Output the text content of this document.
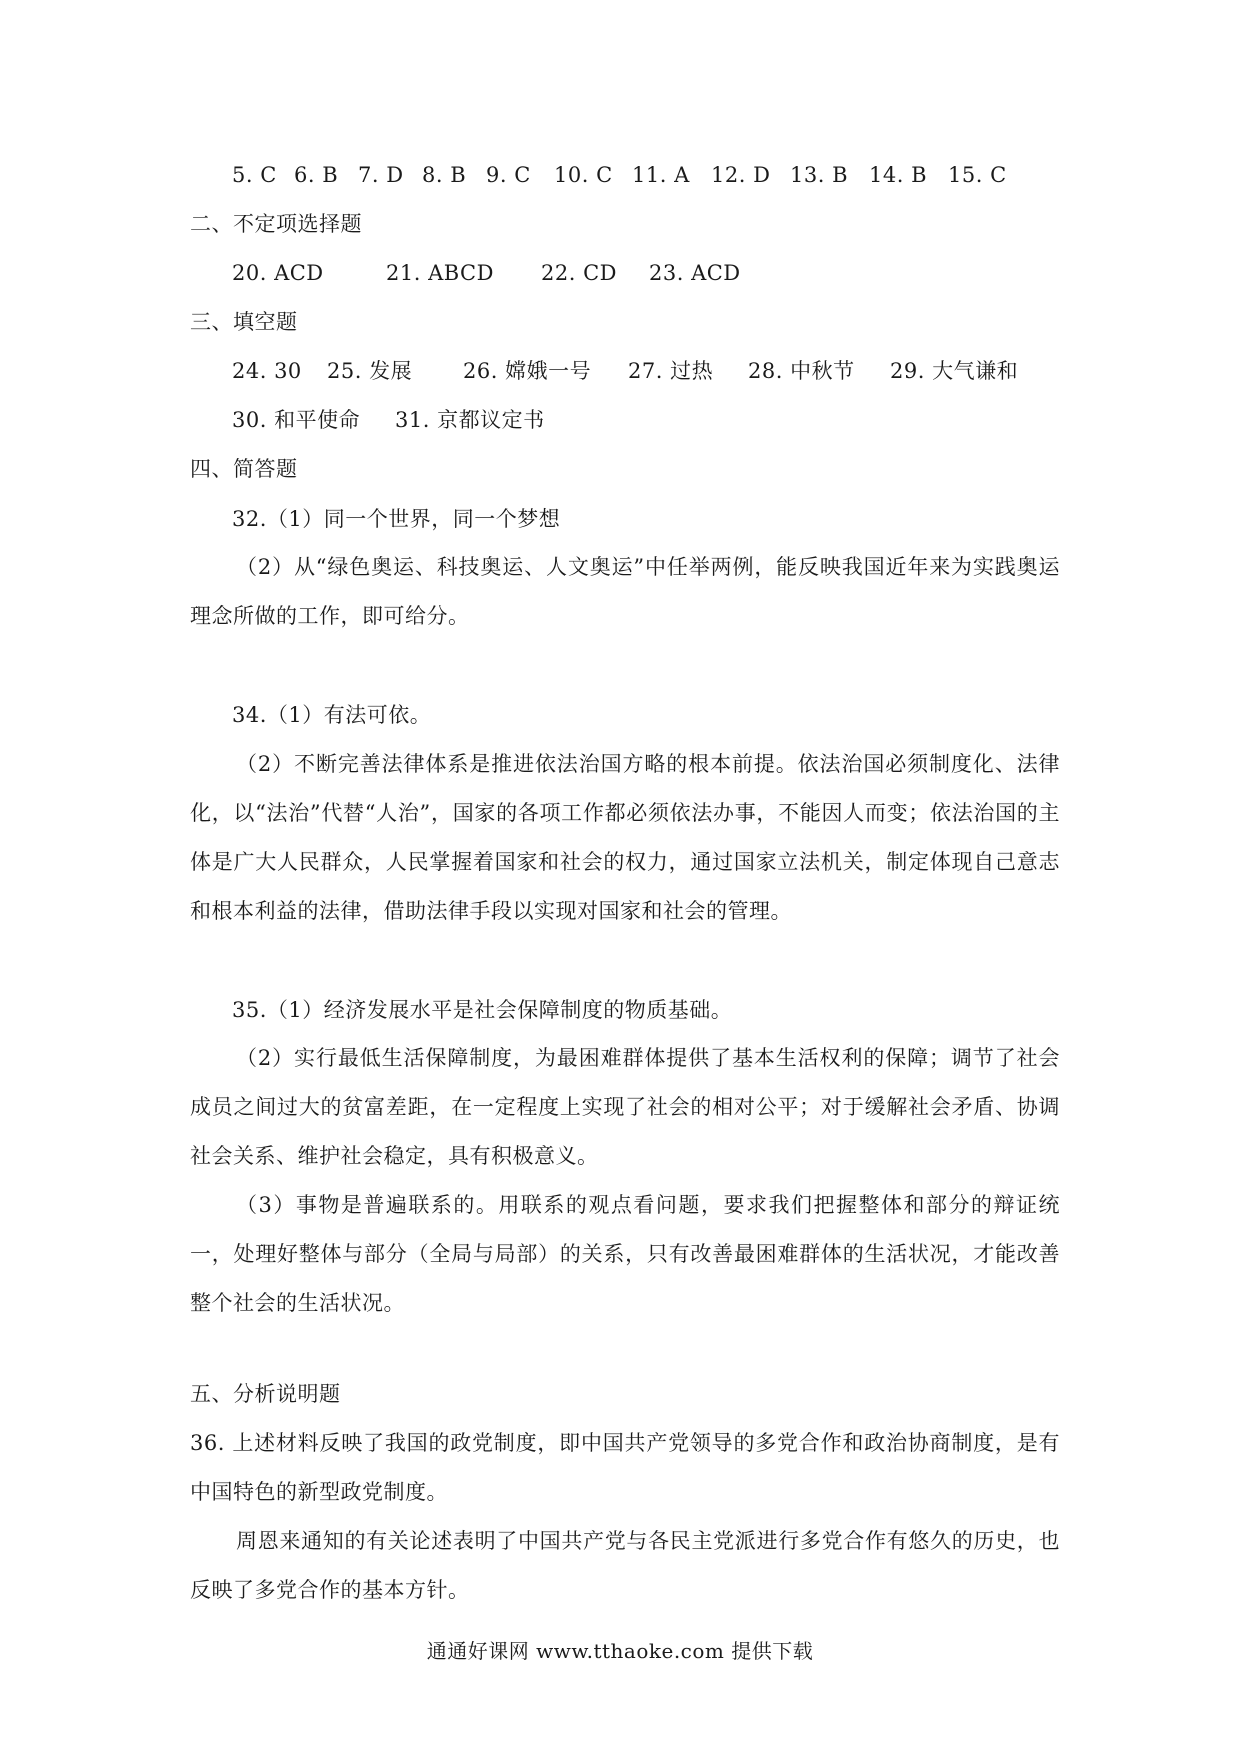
5. C 6. B 7. D 8. B 9. C 10. C 11. A 12. D 13. B 14. B 15. C
二、不定项选择题
20. ACD	21. ABCD 22. CD 23. ACD
三、填空题
24. 30 25. 发展 26. 嫦娥一号 27. 过热 28. 中秋节 29. 大气谦和
30. 和平使命 31. 京都议定书
四、简答题
32.（1）同一个世界，同一个梦想
（2）从“绿色奥运、科技奥运、人文奥运”中任举两例，能反映我国近年来为实践奥运理念所做的工作，即可给分。
34.（1）有法可依。
（2）不断完善法律体系是推进依法治国方略的根本前提。依法治国必须制度化、法律化，以“法治”代替“人治”，国家的各项工作都必须依法办事，不能因人而变；依法治国的主体是广大人民群众，人民掌握着国家和社会的权力，通过国家立法机关，制定体现自己意志和根本利益的法律，借助法律手段以实现对国家和社会的管理。
35.（1）经济发展水平是社会保障制度的物质基础。
（2）实行最低生活保障制度，为最困难群体提供了基本生活权利的保障；调节了社会成员之间过大的贫富差距，在一定程度上实现了社会的相对公平；对于缓解社会矛盾、协调社会关系、维护社会稳定，具有积极意义。
（3）事物是普遍联系的。用联系的观点看问题，要求我们把握整体和部分的辩证统一，处理好整体与部分（全局与局部）的关系，只有改善最困难群体的生活状况，才能改善整个社会的生活状况。
五、分析说明题
36. 上述材料反映了我国的政党制度，即中国共产党领导的多党合作和政治协商制度，是有中国特色的新型政党制度。
周恩来通知的有关论述表明了中国共产党与各民主党派进行多党合作有悠久的历史，也反映了多党合作的基本方针。
通通好课网 www.tthaoke.com 提供下载
